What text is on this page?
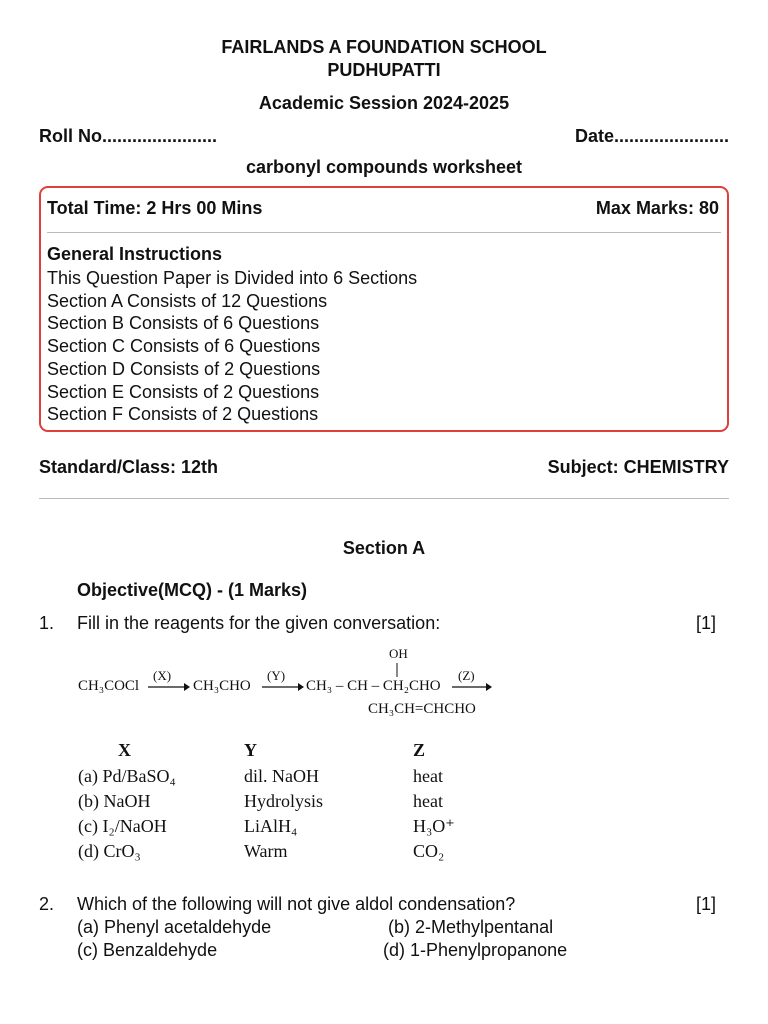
FAIRLANDS A FOUNDATION SCHOOL
PUDHUPATTI
Academic Session 2024-2025
Roll No.......................	Date.......................
carbonyl compounds worksheet
Total Time: 2 Hrs 00 Mins	Max Marks: 80
General Instructions
This Question Paper is Divided into 6 Sections
Section A Consists of 12 Questions
Section B Consists of 6 Questions
Section C Consists of 6 Questions
Section D Consists of 2 Questions
Section E Consists of 2 Questions
Section F Consists of 2 Questions
Standard/Class: 12th	Subject: CHEMISTRY
Section A
Objective(MCQ) - (1 Marks)
1. Fill in the reagents for the given conversation:	[1]
CH₃COCl
(X)
CH₃CHO
(Y)
OH
CH₃ – CH – CH₂CHO
(Z)
CH₃CH=CHCHO
X	Y	Z
(a) Pd/BaSO₄	dil. NaOH	heat
(b) NaOH	Hydrolysis	heat
(c) I₂/NaOH	LiAlH₄	H₃O⁺
(d) CrO₃	Warm	CO₂
2. Which of the following will not give aldol condensation?	[1]
(a) Phenyl acetaldehyde	(b) 2-Methylpentanal
(c) Benzaldehyde	(d) 1-Phenylpropanone
